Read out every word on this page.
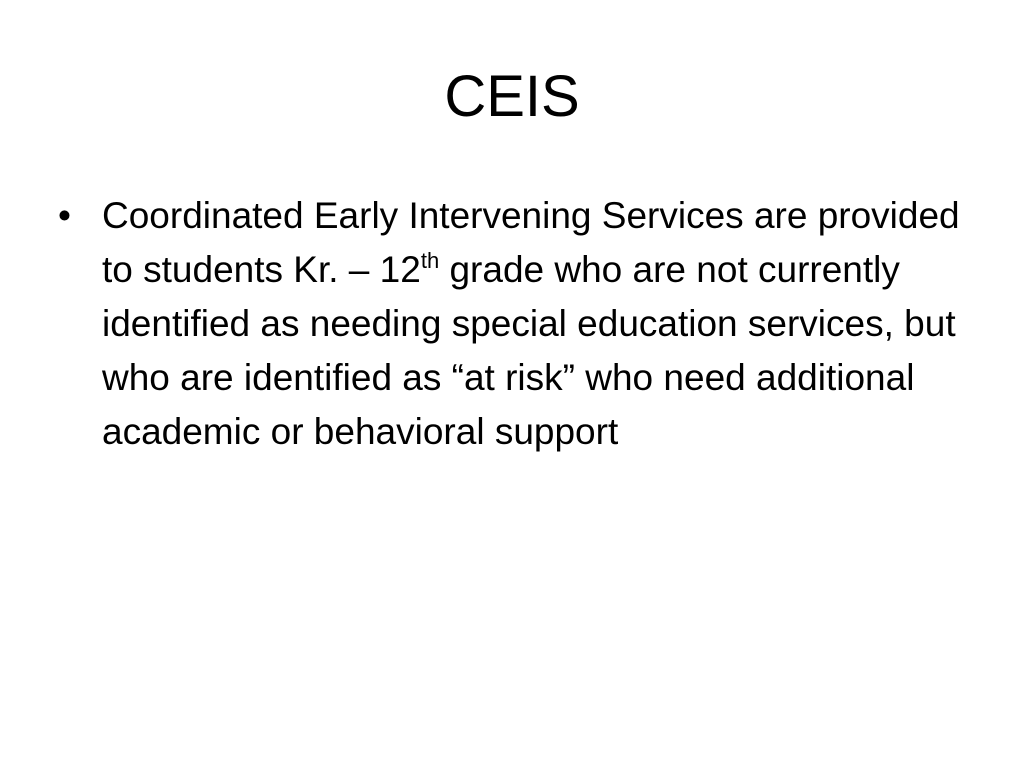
CEIS
• Coordinated Early Intervening Services are provided to students Kr. – 12th grade who are not currently identified as needing special education services, but who are identified as “at risk” who need additional academic or behavioral support
